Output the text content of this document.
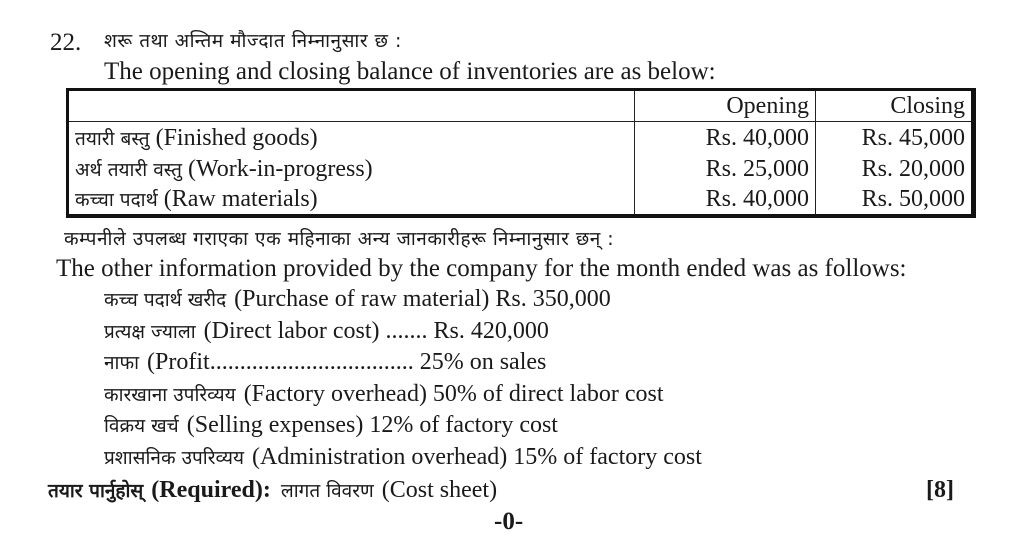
22. शरू तथा अन्तिम मौज्दात निम्नानुसार छ :
The opening and closing balance of inventories are as below:
	Opening	Closing
तयारी बस्तु (Finished goods)	Rs. 40,000	Rs. 45,000
अर्थ तयारी वस्तु (Work-in-progress)	Rs. 25,000	Rs. 20,000
कच्चा पदार्थ (Raw materials)	Rs. 40,000	Rs. 50,000
कम्पनीले उपलब्ध गराएका एक महिनाका अन्य जानकारीहरू निम्नानुसार छन् :
The other information provided by the company for the month ended was as follows:
कच्च पदार्थ खरीद (Purchase of raw material) Rs. 350,000
प्रत्यक्ष ज्याला (Direct labor cost) ....... Rs. 420,000
नाफा (Profit.................................. 25% on sales
कारखाना उपरिव्यय (Factory overhead) 50% of direct labor cost
विक्रय खर्च (Selling expenses) 12% of factory cost
प्रशासनिक उपरिव्यय (Administration overhead) 15% of factory cost
तयार पार्नुहोस् (Required): लागत विवरण (Cost sheet)	[8]
-0-
